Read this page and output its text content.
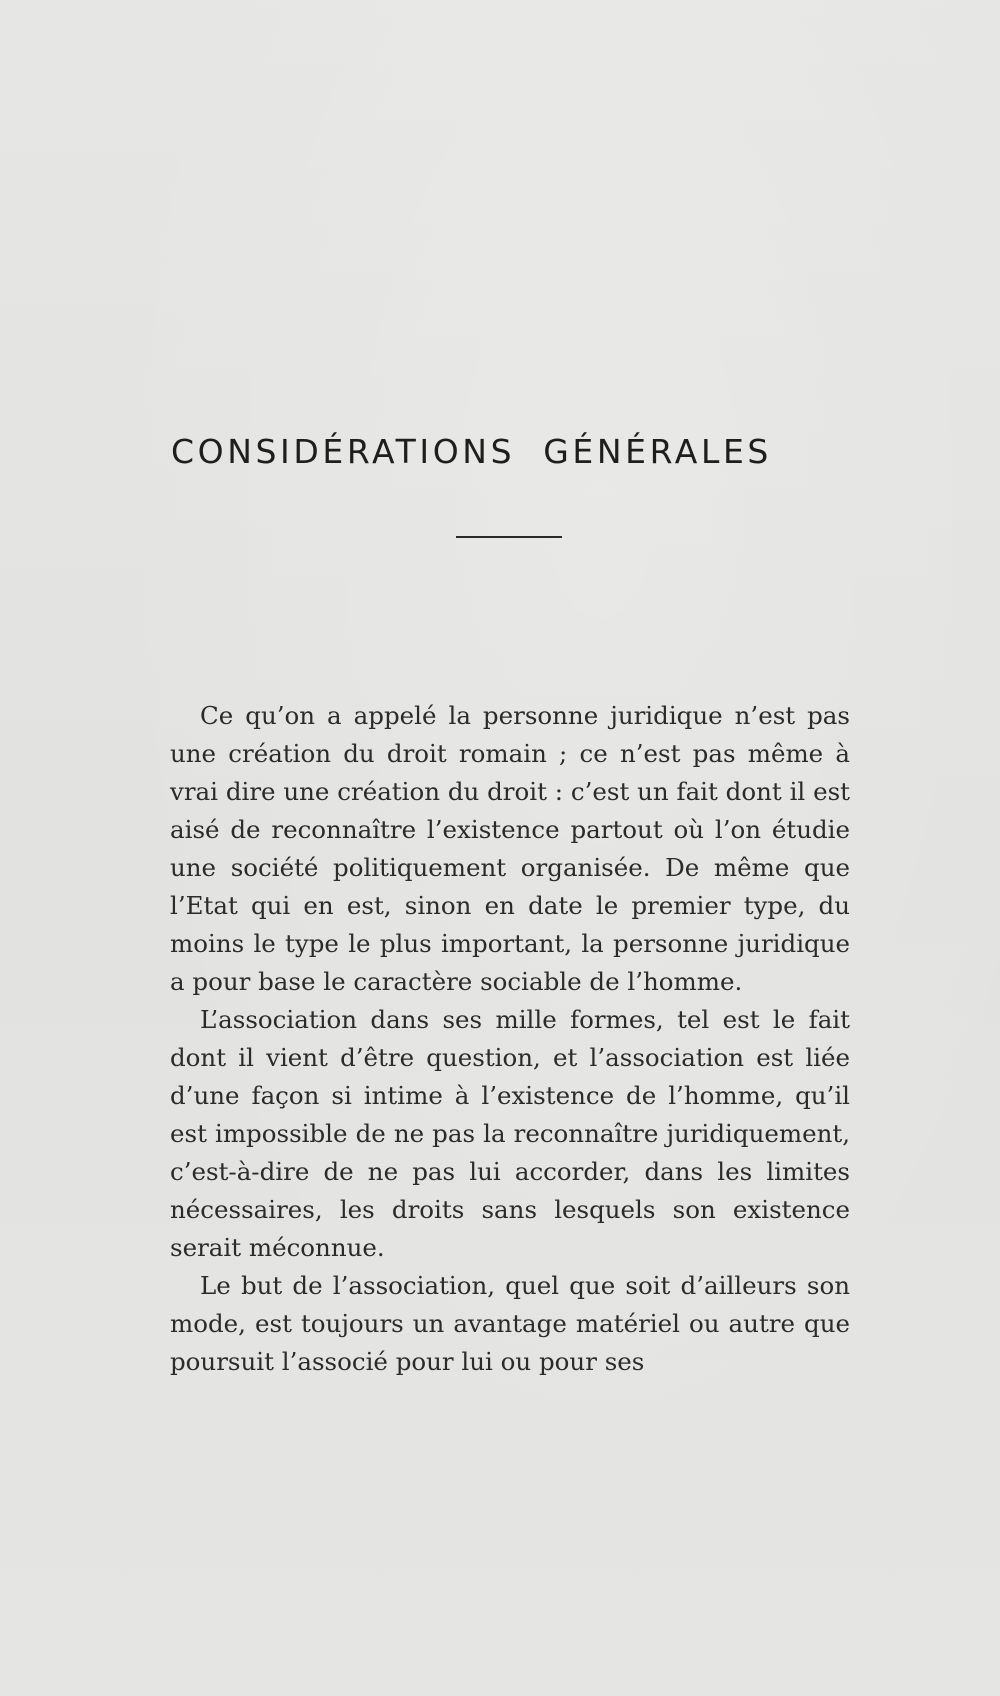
CONSIDÉRATIONS GÉNÉRALES

Ce qu’on a appelé la personne juridique n’est pas une création du droit romain ; ce n’est pas même à vrai dire une création du droit : c’est un fait dont il est aisé de reconnaître l’existence partout où l’on étudie une société politiquement organisée. De même que l’Etat qui en est, sinon en date le premier type, du moins le type le plus important, la personne juridique a pour base le caractère sociable de l’homme.

L’association dans ses mille formes, tel est le fait dont il vient d’être question, et l’association est liée d’une façon si intime à l’existence de l’homme, qu’il est impossible de ne pas la reconnaître juridiquement, c’est-à-dire de ne pas lui accorder, dans les limites nécessaires, les droits sans lesquels son existence serait méconnue.

Le but de l’association, quel que soit d’ailleurs son mode, est toujours un avantage matériel ou autre que poursuit l’associé pour lui ou pour ses
